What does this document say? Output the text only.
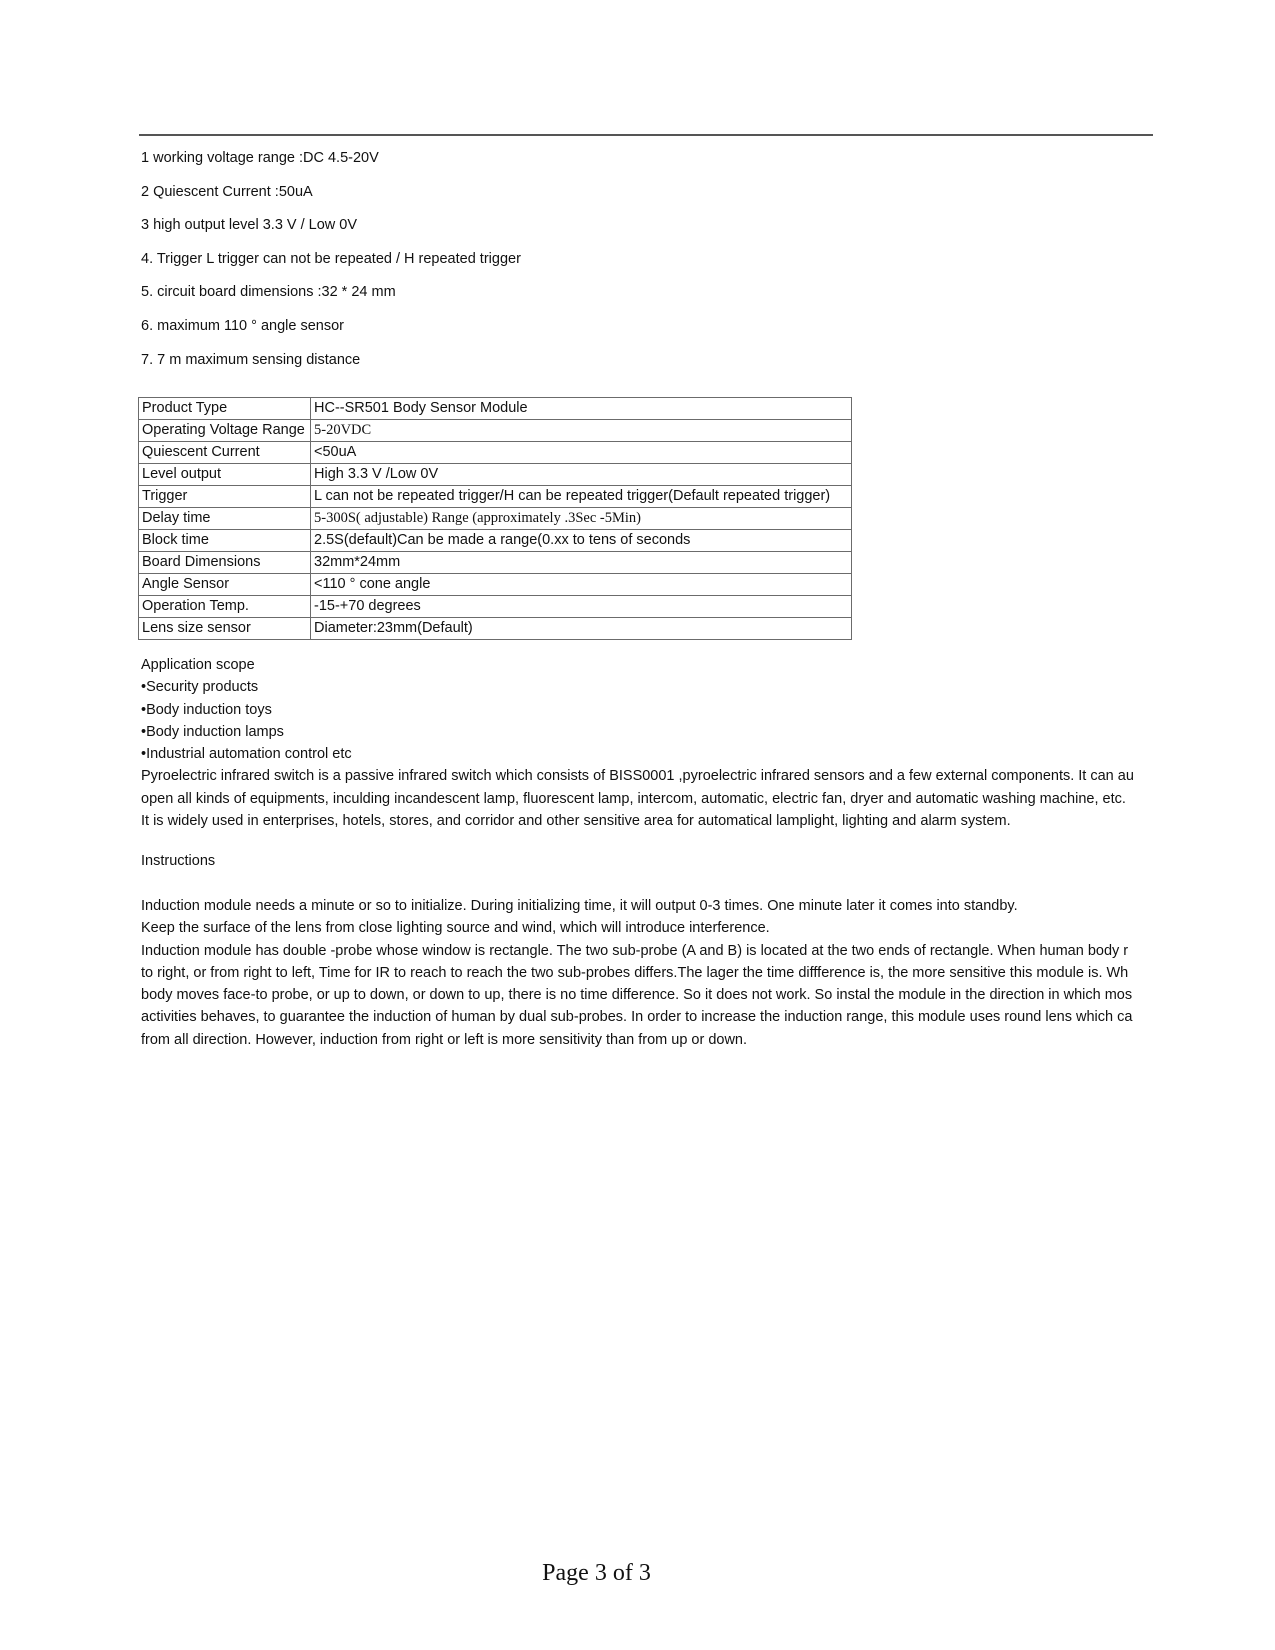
1 working voltage range :DC 4.5-20V
2 Quiescent Current :50uA
3 high output level 3.3 V / Low 0V
4. Trigger L trigger can not be repeated / H repeated trigger
5. circuit board dimensions :32 * 24 mm
6. maximum 110 ° angle sensor
7. 7 m maximum sensing distance
Product Type	HC--SR501 Body Sensor Module
Operating Voltage Range	5-20VDC
Quiescent Current	<50uA
Level output	High 3.3 V /Low 0V
Trigger	L can not be repeated trigger/H can be repeated trigger(Default repeated trigger)
Delay time	5-300S( adjustable) Range (approximately .3Sec -5Min)
Block time	2.5S(default)Can be made a range(0.xx to tens of seconds
Board Dimensions	32mm*24mm
Angle Sensor	<110 ° cone angle
Operation Temp.	-15-+70 degrees
Lens size sensor	Diameter:23mm(Default)

Application scope

•Security products

•Body induction toys

•Body induction lamps

•Industrial automation control etc

Pyroelectric infrared switch is a passive infrared switch which consists of BISS0001 ,pyroelectric infrared sensors and a few external components. It can au

open all kinds of equipments, inculding incandescent lamp, fluorescent lamp, intercom, automatic, electric fan, dryer and automatic washing machine, etc.

It is widely used in enterprises, hotels, stores, and corridor and other sensitive area for automatical lamplight, lighting and alarm system.

Instructions

Induction module needs a minute or so to initialize. During initializing time, it will output 0-3 times. One minute later it comes into standby.

Keep the surface of the lens from close lighting source and wind, which will introduce interference.

Induction module has double -probe whose window is rectangle. The two sub-probe (A and B) is located at the two ends of rectangle. When human body r

to right, or from right to left, Time for IR to reach to reach the two sub-probes differs.The lager the time diffference is, the more sensitive this module is. Wh

body moves face-to probe, or up to down, or down to up, there is no time difference. So it does not work. So instal the module in the direction in which mos

activities behaves, to guarantee the induction of human by dual sub-probes. In order to increase the induction range, this module uses round lens which ca

from all direction. However, induction from right or left is more sensitivity than from up or down.

Page 3 of 3
